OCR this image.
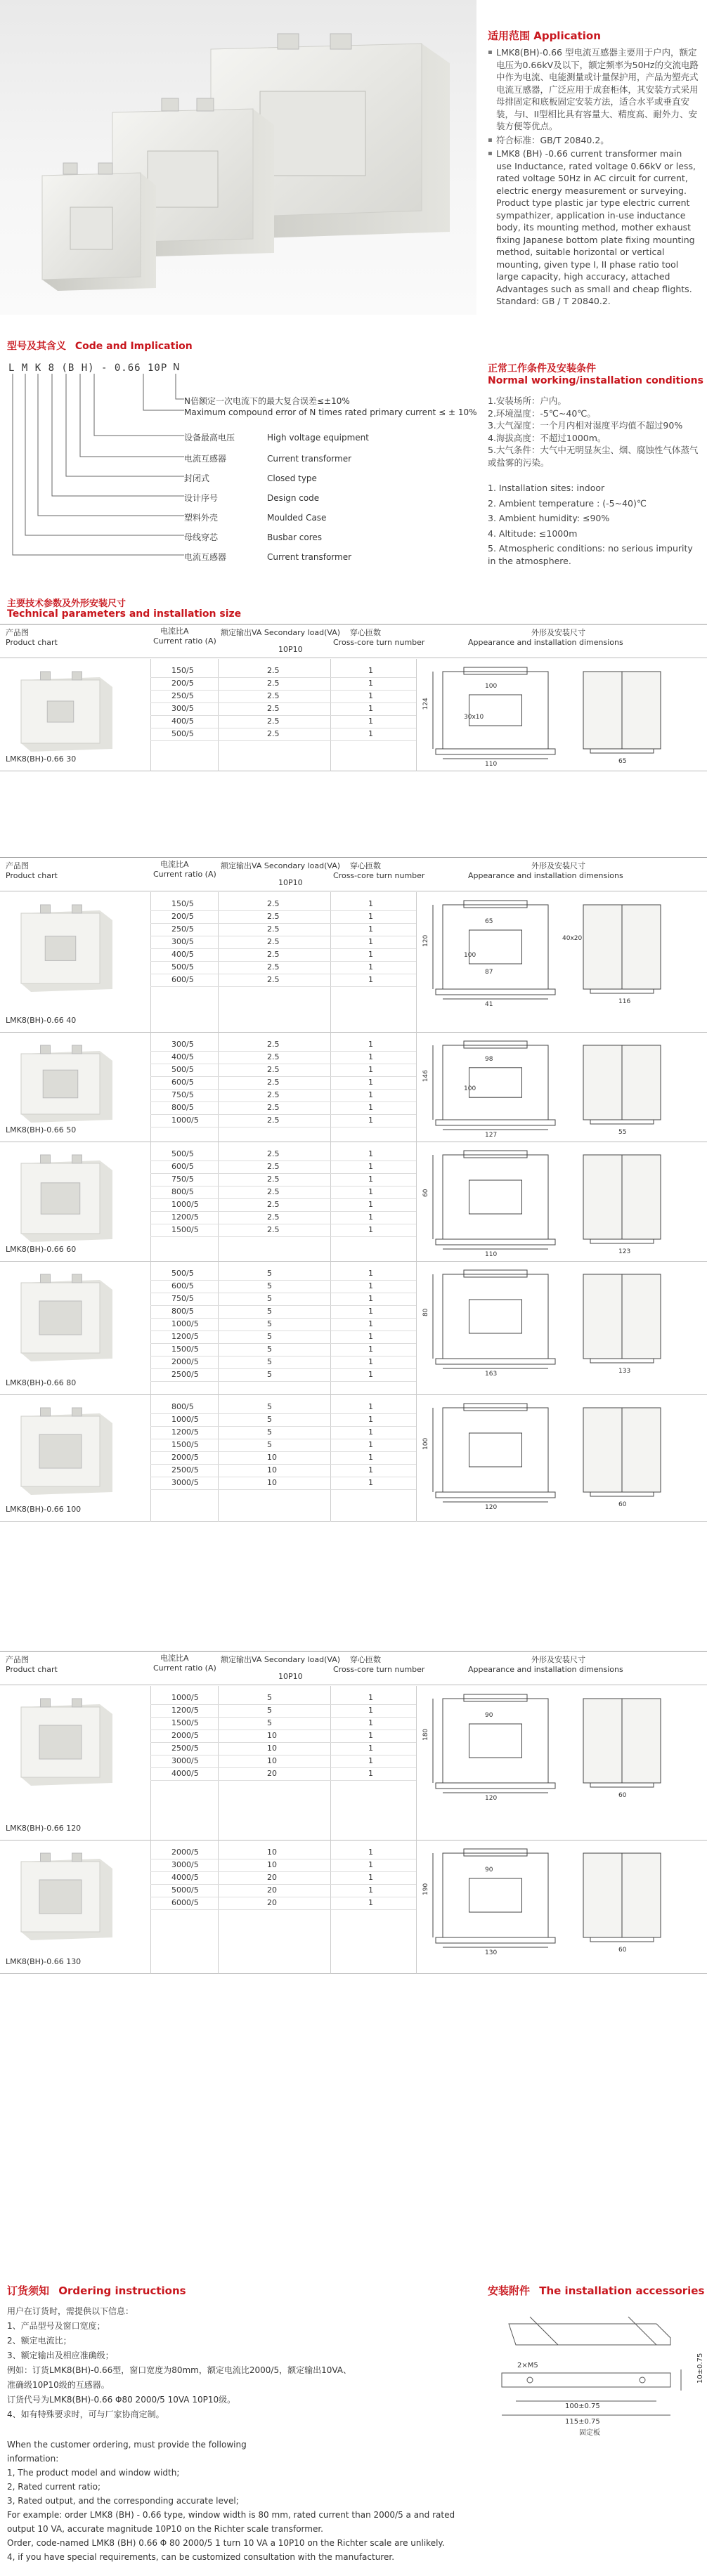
适用范围 Application
▪ LMK8(BH)-0.66 型电流互感器主要用于户内，额定电压为0.66kV及以下，额定频率为50Hz的交流电路中作为电流、电能测量或计量保护用，产品为塑壳式电流互感器，广泛应用于成套柜体，其安装方式采用母排固定和底板固定安装方法，适合水平或垂直安装，与I、II型相比具有容量大、精度高、耐外力、安装方便等优点。
▪ 符合标准：GB/T 20840.2。
▪ LMK8 (BH) -0.66 current transformer main use Inductance, rated voltage 0.66kV or less, rated voltage 50Hz in AC circuit for current, electric energy measurement or surveying. Product type plastic jar type electric current sympathizer, application in-use inductance body, its mounting method, mother exhaust fixing Japanese bottom plate fixing mounting method, suitable horizontal or vertical mounting, given type I, II phase ratio tool large capacity, high accuracy, attached Advantages such as small and cheap flights. Standard: GB / T 20840.2.
型号及其含义 Code and Implication
L M K 8 (B H) - 0.66 10P N
N倍额定一次电流下的最大复合误差≤±10%
Maximum compound error of N times rated primary current ≤ ± 10%
设备最高电压	High voltage equipment
电流互感器	Current transformer
封闭式	Closed type
设计序号	Design code
塑料外壳	Moulded Case
母线穿芯	Busbar cores
电流互感器	Current transformer
正常工作条件及安装条件
Normal working/installation conditions
1.安装场所：户内。
2.环境温度：-5℃~40℃。
3.大气湿度：一个月内相对湿度平均值不超过90%
4.海拔高度：不超过1000m。
5.大气条件：大气中无明显灰尘、烟、腐蚀性气体蒸气或盐雾的污染。
1. Installation sites: indoor
2. Ambient temperature : (-5~40)℃
3. Ambient humidity: ≤90%
4. Altitude: ≤1000m
5. Atmospheric conditions: no serious impurity in the atmosphere.
主要技术参数及外形安装尺寸
Technical parameters and installation size
产品图
Product chart
电流比A
Current ratio (A)
额定输出VA Secondary load(VA)
10P10
穿心匝数
Cross-core turn number
外形及安装尺寸
Appearance and installation dimensions
LMK8(BH)-0.66 30
150/5	2.5	1
200/5	2.5	1
250/5	2.5	1
300/5	2.5	1
400/5	2.5	1
500/5	2.5	1
124
110	65
100
30x10
产品图
Product chart
电流比A
Current ratio (A)
额定输出VA Secondary load(VA)
10P10
穿心匝数
Cross-core turn number
外形及安装尺寸
Appearance and installation dimensions
LMK8(BH)-0.66 40
150/5	2.5	1
200/5	2.5	1
250/5	2.5	1
300/5	2.5	1
400/5	2.5	1
500/5	2.5	1
600/5	2.5	1
120
41	116
65
100
40x20
87
LMK8(BH)-0.66 50
300/5	2.5	1
400/5	2.5	1
500/5	2.5	1
600/5	2.5	1
750/5	2.5	1
800/5	2.5	1
1000/5	2.5	1
146
127	55
98
100
LMK8(BH)-0.66 60
500/5	2.5	1
600/5	2.5	1
750/5	2.5	1
800/5	2.5	1
1000/5	2.5	1
1200/5	2.5	1
1500/5	2.5	1
60
110	123
LMK8(BH)-0.66 80
500/5	5	1
600/5	5	1
750/5	5	1
800/5	5	1
1000/5	5	1
1200/5	5	1
1500/5	5	1
2000/5	5	1
2500/5	5	1
80
163	133
LMK8(BH)-0.66 100
800/5	5	1
1000/5	5	1
1200/5	5	1
1500/5	5	1
2000/5	10	1
2500/5	10	1
3000/5	10	1
100
120	60
产品图
Product chart
电流比A
Current ratio (A)
额定输出VA Secondary load(VA)
10P10
穿心匝数
Cross-core turn number
外形及安装尺寸
Appearance and installation dimensions
LMK8(BH)-0.66 120
1000/5	5	1
1200/5	5	1
1500/5	5	1
2000/5	10	1
2500/5	10	1
3000/5	10	1
4000/5	20	1
180
120	60
90
LMK8(BH)-0.66 130
2000/5	10	1
3000/5	10	1
4000/5	20	1
5000/5	20	1
6000/5	20	1
190
130	60
90
订货须知 Ordering instructions
用户在订货时，需提供以下信息：
1、产品型号及窗口宽度；
2、额定电流比；
3、额定输出及相应准确级；
例如：订货LMK8(BH)-0.66型，窗口宽度为80mm，额定电流比2000/5，额定输出10VA、
准确级10P10级的互感器。
订货代号为LMK8(BH)-0.66 Φ80 2000/5 10VA 10P10级。
4、如有特殊要求时，可与厂家协商定制。
When the customer ordering, must provide the following
information:
1, The product model and window width;
2, Rated current ratio;
3, Rated output, and the corresponding accurate level;
For example: order LMK8 (BH) - 0.66 type, window width is 80 mm, rated current than 2000/5 a and rated
output 10 VA, accurate magnitude 10P10 on the Richter scale transformer.
Order, code-named LMK8 (BH) 0.66 Φ 80 2000/5 1 turn 10 VA a 10P10 on the Richter scale are unlikely.
4, if you have special requirements, can be customized consultation with the manufacturer.
安装附件 The installation accessories
2×M5
100±0.75
115±0.75
10±0.75
固定板
